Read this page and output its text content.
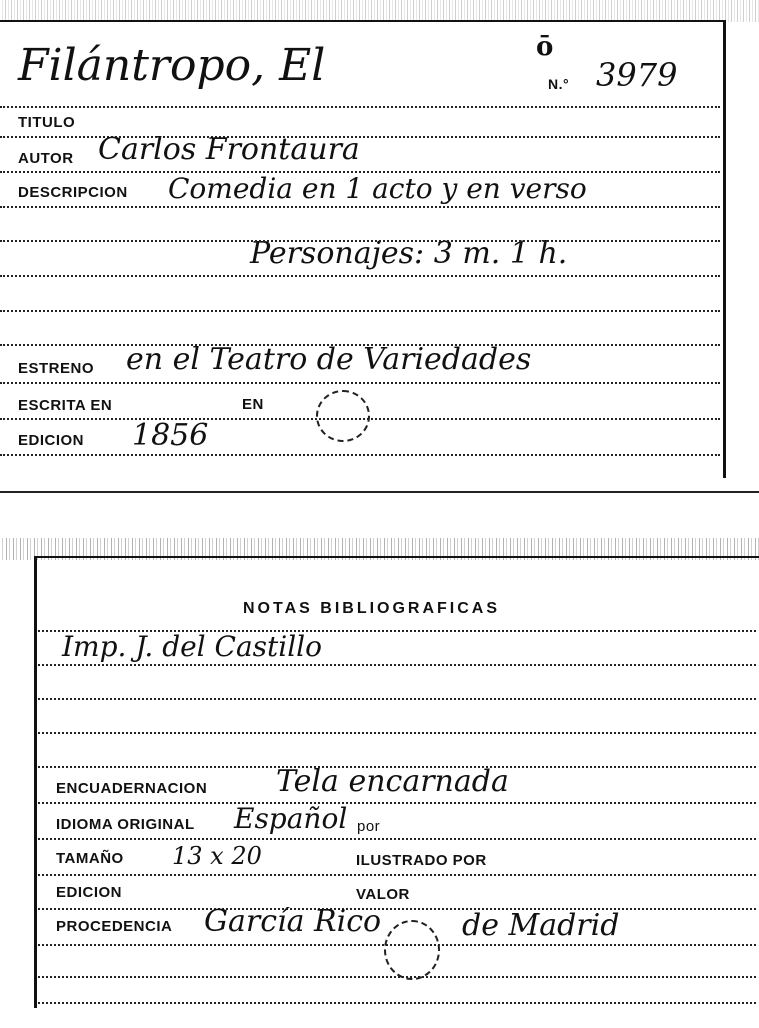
Filántropo, El	ō
N.° 3979
TITULO
AUTOR Carlos Frontaura
DESCRIPCION Comedia en 1 acto y en verso
Personajes: 3 m. 1 h.
ESTRENO en el Teatro de Variedades
ESCRITA EN	EN
EDICION 1856
NOTAS BIBLIOGRAFICAS
Imp. J. del Castillo
ENCUADERNACION Tela encarnada
IDIOMA ORIGINAL Español por
TAMAÑO 13 x 20	ILUSTRADO POR
EDICION	VALOR
PROCEDENCIA García Rico	de Madrid
